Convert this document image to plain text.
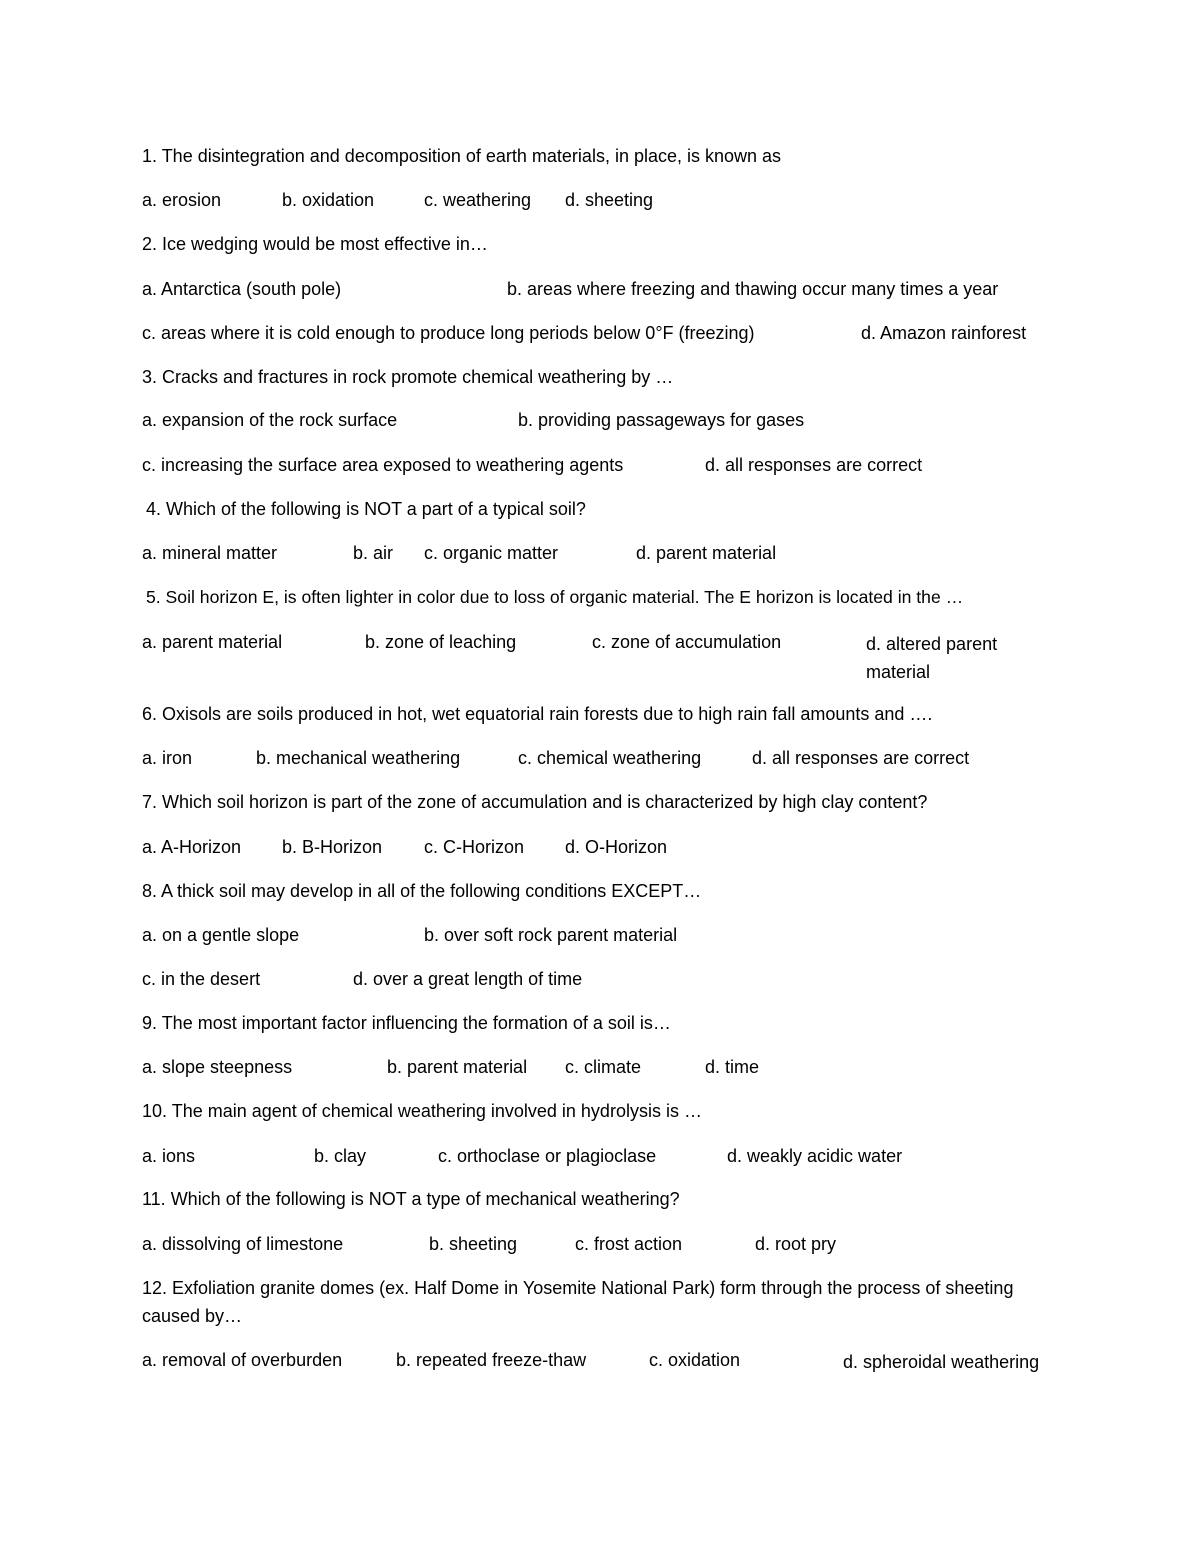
1. The disintegration and decomposition of earth materials, in place, is known as
a. erosion	b. oxidation	c. weathering d. sheeting
2. Ice wedging would be most effective in…
a. Antarctica (south pole)	b. areas where freezing and thawing occur many times a year
c. areas where it is cold enough to produce long periods below 0°F (freezing)	d. Amazon rainforest
3. Cracks and fractures in rock promote chemical weathering by …
a. expansion of the rock surface	b. providing passageways for gases
c. increasing the surface area exposed to weathering agents	d. all responses are correct
4. Which of the following is NOT a part of a typical soil?
a. mineral matter	b. air c. organic matter	d. parent material
5. Soil horizon E, is often lighter in color due to loss of organic material. The E horizon is located in the …
a. parent material	b. zone of leaching	c. zone of accumulation	d. altered parent material
6. Oxisols are soils produced in hot, wet equatorial rain forests due to high rain fall amounts and ….
a. iron	b. mechanical weathering	c. chemical weathering	d. all responses are correct
7. Which soil horizon is part of the zone of accumulation and is characterized by high clay content?
a. A-Horizon b. B-Horizon c. C-Horizon d. O-Horizon
8. A thick soil may develop in all of the following conditions EXCEPT…
a. on a gentle slope	b. over soft rock parent material
c. in the desert	d. over a great length of time
9. The most important factor influencing the formation of a soil is…
a. slope steepness	b. parent material c. climate	d. time
10. The main agent of chemical weathering involved in hydrolysis is …
a. ions	b. clay	c. orthoclase or plagioclase	d. weakly acidic water
11. Which of the following is NOT a type of mechanical weathering?
a. dissolving of limestone	b. sheeting	c. frost action	d. root pry
12. Exfoliation granite domes (ex. Half Dome in Yosemite National Park) form through the process of sheeting caused by…
a. removal of overburden	b. repeated freeze-thaw	c. oxidation	d. spheroidal weathering
